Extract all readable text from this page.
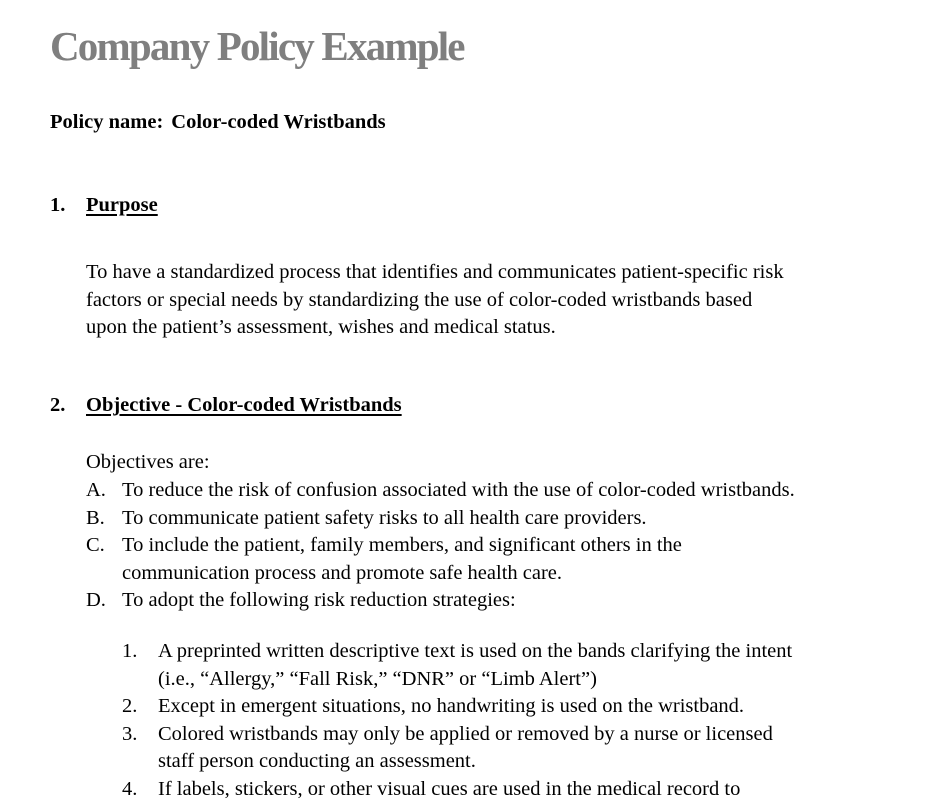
Company Policy Example
Policy name: Color-coded Wristbands
1. Purpose
To have a standardized process that identifies and communicates patient-specific risk
factors or special needs by standardizing the use of color-coded wristbands based
upon the patient’s assessment, wishes and medical status.
2. Objective - Color-coded Wristbands
Objectives are:
A. To reduce the risk of confusion associated with the use of color-coded wristbands.
B. To communicate patient safety risks to all health care providers.
C. To include the patient, family members, and significant others in the
communication process and promote safe health care.
D. To adopt the following risk reduction strategies:
1.	A preprinted written descriptive text is used on the bands clarifying the intent
(i.e., “Allergy,” “Fall Risk,” “DNR” or “Limb Alert”)
2.	Except in emergent situations, no handwriting is used on the wristband.
3.	Colored wristbands may only be applied or removed by a nurse or licensed
staff person conducting an assessment.
4.	If labels, stickers, or other visual cues are used in the medical record to
